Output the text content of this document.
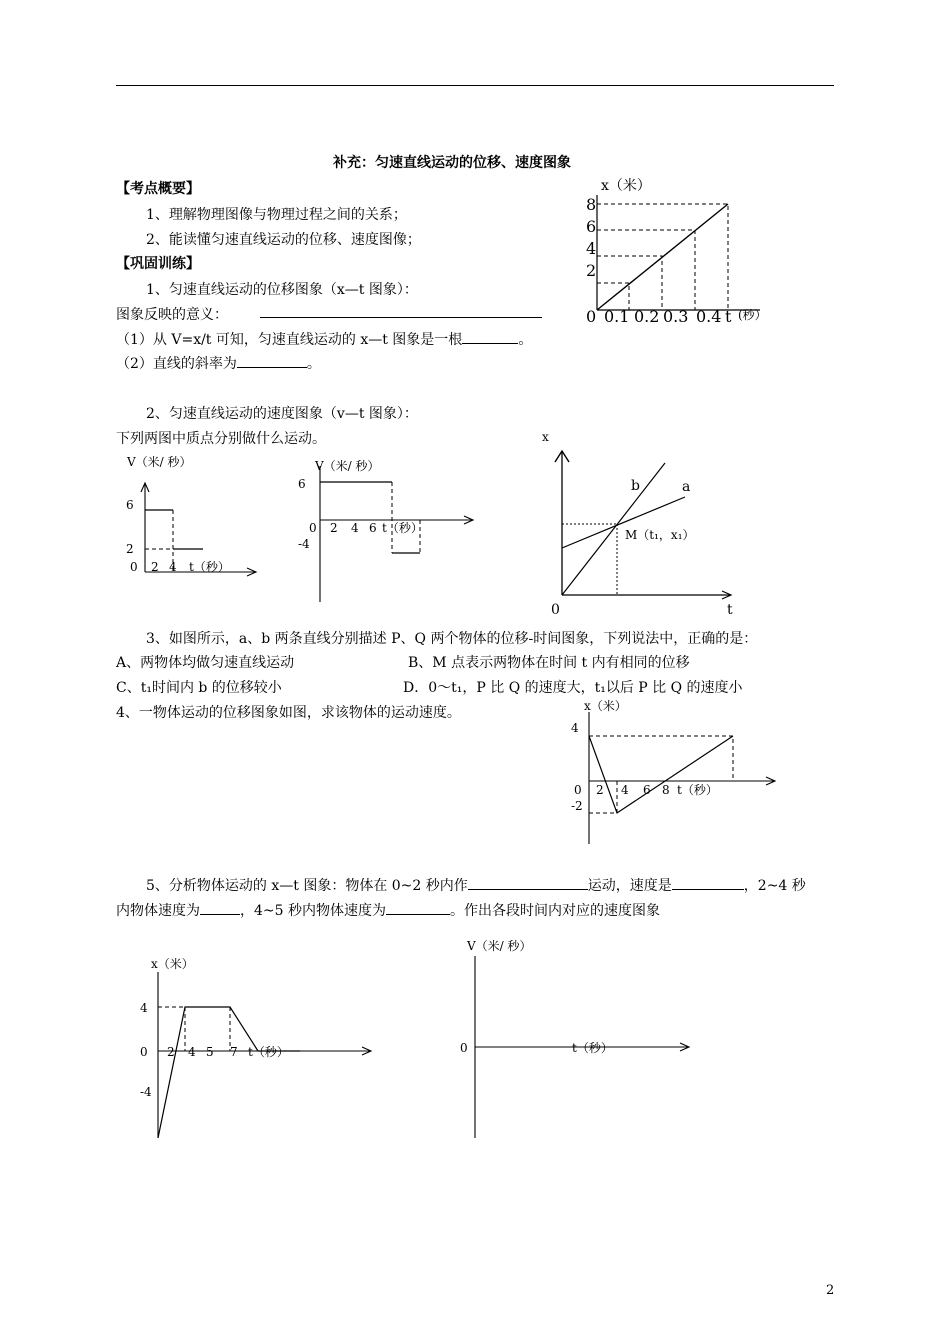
补充：匀速直线运动的位移、速度图象
【考点概要】
1、理解物理图像与物理过程之间的关系；
2、能读懂匀速直线运动的位移、速度图像；
【巩固训练】
1、匀速直线运动的位移图象（x—t 图象）：
图象反映的意义：
（1）从 V=x/t 可知，匀速直线运动的 x—t 图象是一根	。
（2）直线的斜率为	。
2、匀速直线运动的速度图象（v—t 图象）：
下列两图中质点分别做什么运动。
3、如图所示，a、b 两条直线分别描述 P、Q 两个物体的位移-时间图象，下列说法中，正确的是：
A、两物体均做匀速直线运动	B、M 点表示两物体在时间 t 内有相同的位移
C、t₁时间内 b 的位移较小	D．0～t₁，P 比 Q 的速度大，t₁以后 P 比 Q 的速度小
4、一物体运动的位移图象如图，求该物体的运动速度。
5、分析物体运动的 x—t 图象：物体在 0~2 秒内作	运动，速度是	，2~4 秒
内物体速度为	，4~5 秒内物体速度为	。作出各段时间内对应的速度图象
x（米）
8
6
4
2
0 0.1 0.2 0.3 0.4 t (秒）
V（米/ 秒）
6
2
0 2 4 t（秒）
V（米/ 秒）
6
-4
0 2 4 6 t（秒）
x
b	a
M（t₁，x₁）
0	t
x（米）
4
0
-2
2 4 6 8 t（秒）
x（米）
4
0
-4
2 4 5 7 t（秒）
V（米/ 秒）
0	t（秒）
2
